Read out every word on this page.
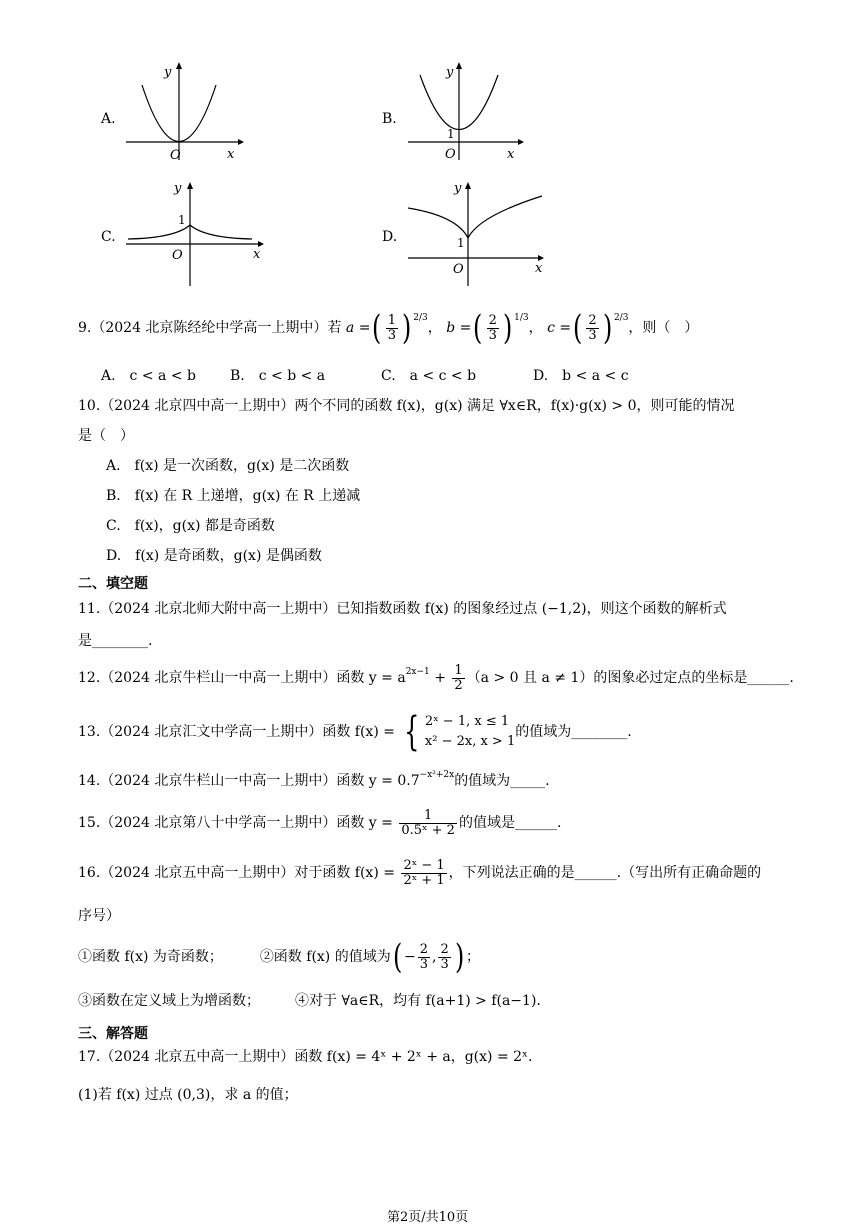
A.
O	x
y
B.
1
O	x
y
C.
1
O	x
y
D.	1
O	x
y
9.（2024 北京陈经纶中学高一上期中）若 a =( $\frac{1}{3}$ ) $^{2/3}$， b =( $\frac{2}{3}$ ) $^{1/3}$， c =( $\frac{2}{3}$ ) $^{2/3}$，则（　）
A.　c < a < b B.　c < b < a	C.　a < c < b	D.　b < a < c
10.（2024 北京四中高一上期中）两个不同的函数 f(x)，g(x) 满足 ∀x∈R，f(x)·g(x) > 0，则可能的情况
是（　）
A.　f(x) 是一次函数，g(x) 是二次函数
B.　f(x) 在 R 上递增，g(x) 在 R 上递减
C.　f(x)，g(x) 都是奇函数
D.　f(x) 是奇函数，g(x) 是偶函数
二、填空题
11.（2024 北京北师大附中高一上期中）已知指数函数 f(x) 的图象经过点 (−1,2)，则这个函数的解析式
是________.
12.（2024 北京牛栏山一中高一上期中）函数 $y = a^{2x-1} + \frac{1}{2} (a > 0$ 且 a ≠ 1）的图象必过定点的坐标是______.
13.（2024 北京汇文中学高一上期中）函数 f(x) = { 2ˣ − 1, x ≤ 1
x² − 2x, x > 1
的值域为________.
14.（2024 北京牛栏山一中高一上期中）函数 $y = 0.7^{-x^2+2x}$的值域为_____.
15.（2024 北京第八十中学高一上期中）函数 $y = \frac{1}{\text{0.5ˣ + 2}}$ 的值域是______.
16.（2024 北京五中高一上期中）对于函数 $f(x) = \frac{\text{2ˣ − 1}}{\text{2ˣ + 1}}$ ，下列说法正确的是______.（写出所有正确命题的
序号）
①函数 f(x) 为奇函数；	②函数 f(x) 的值域为( − $\frac{2}{3}$ , $\frac{2}{3}$ ) ；
③函数在定义域上为增函数；	④对于 ∀a∈R，均有 f(a+1) > f(a−1).
三、解答题
17.（2024 北京五中高一上期中）函数 f(x) = 4ˣ + 2ˣ + a，g(x) = 2ˣ.
(1)若 f(x) 过点 (0,3)，求 a 的值；
第2页/共10页
